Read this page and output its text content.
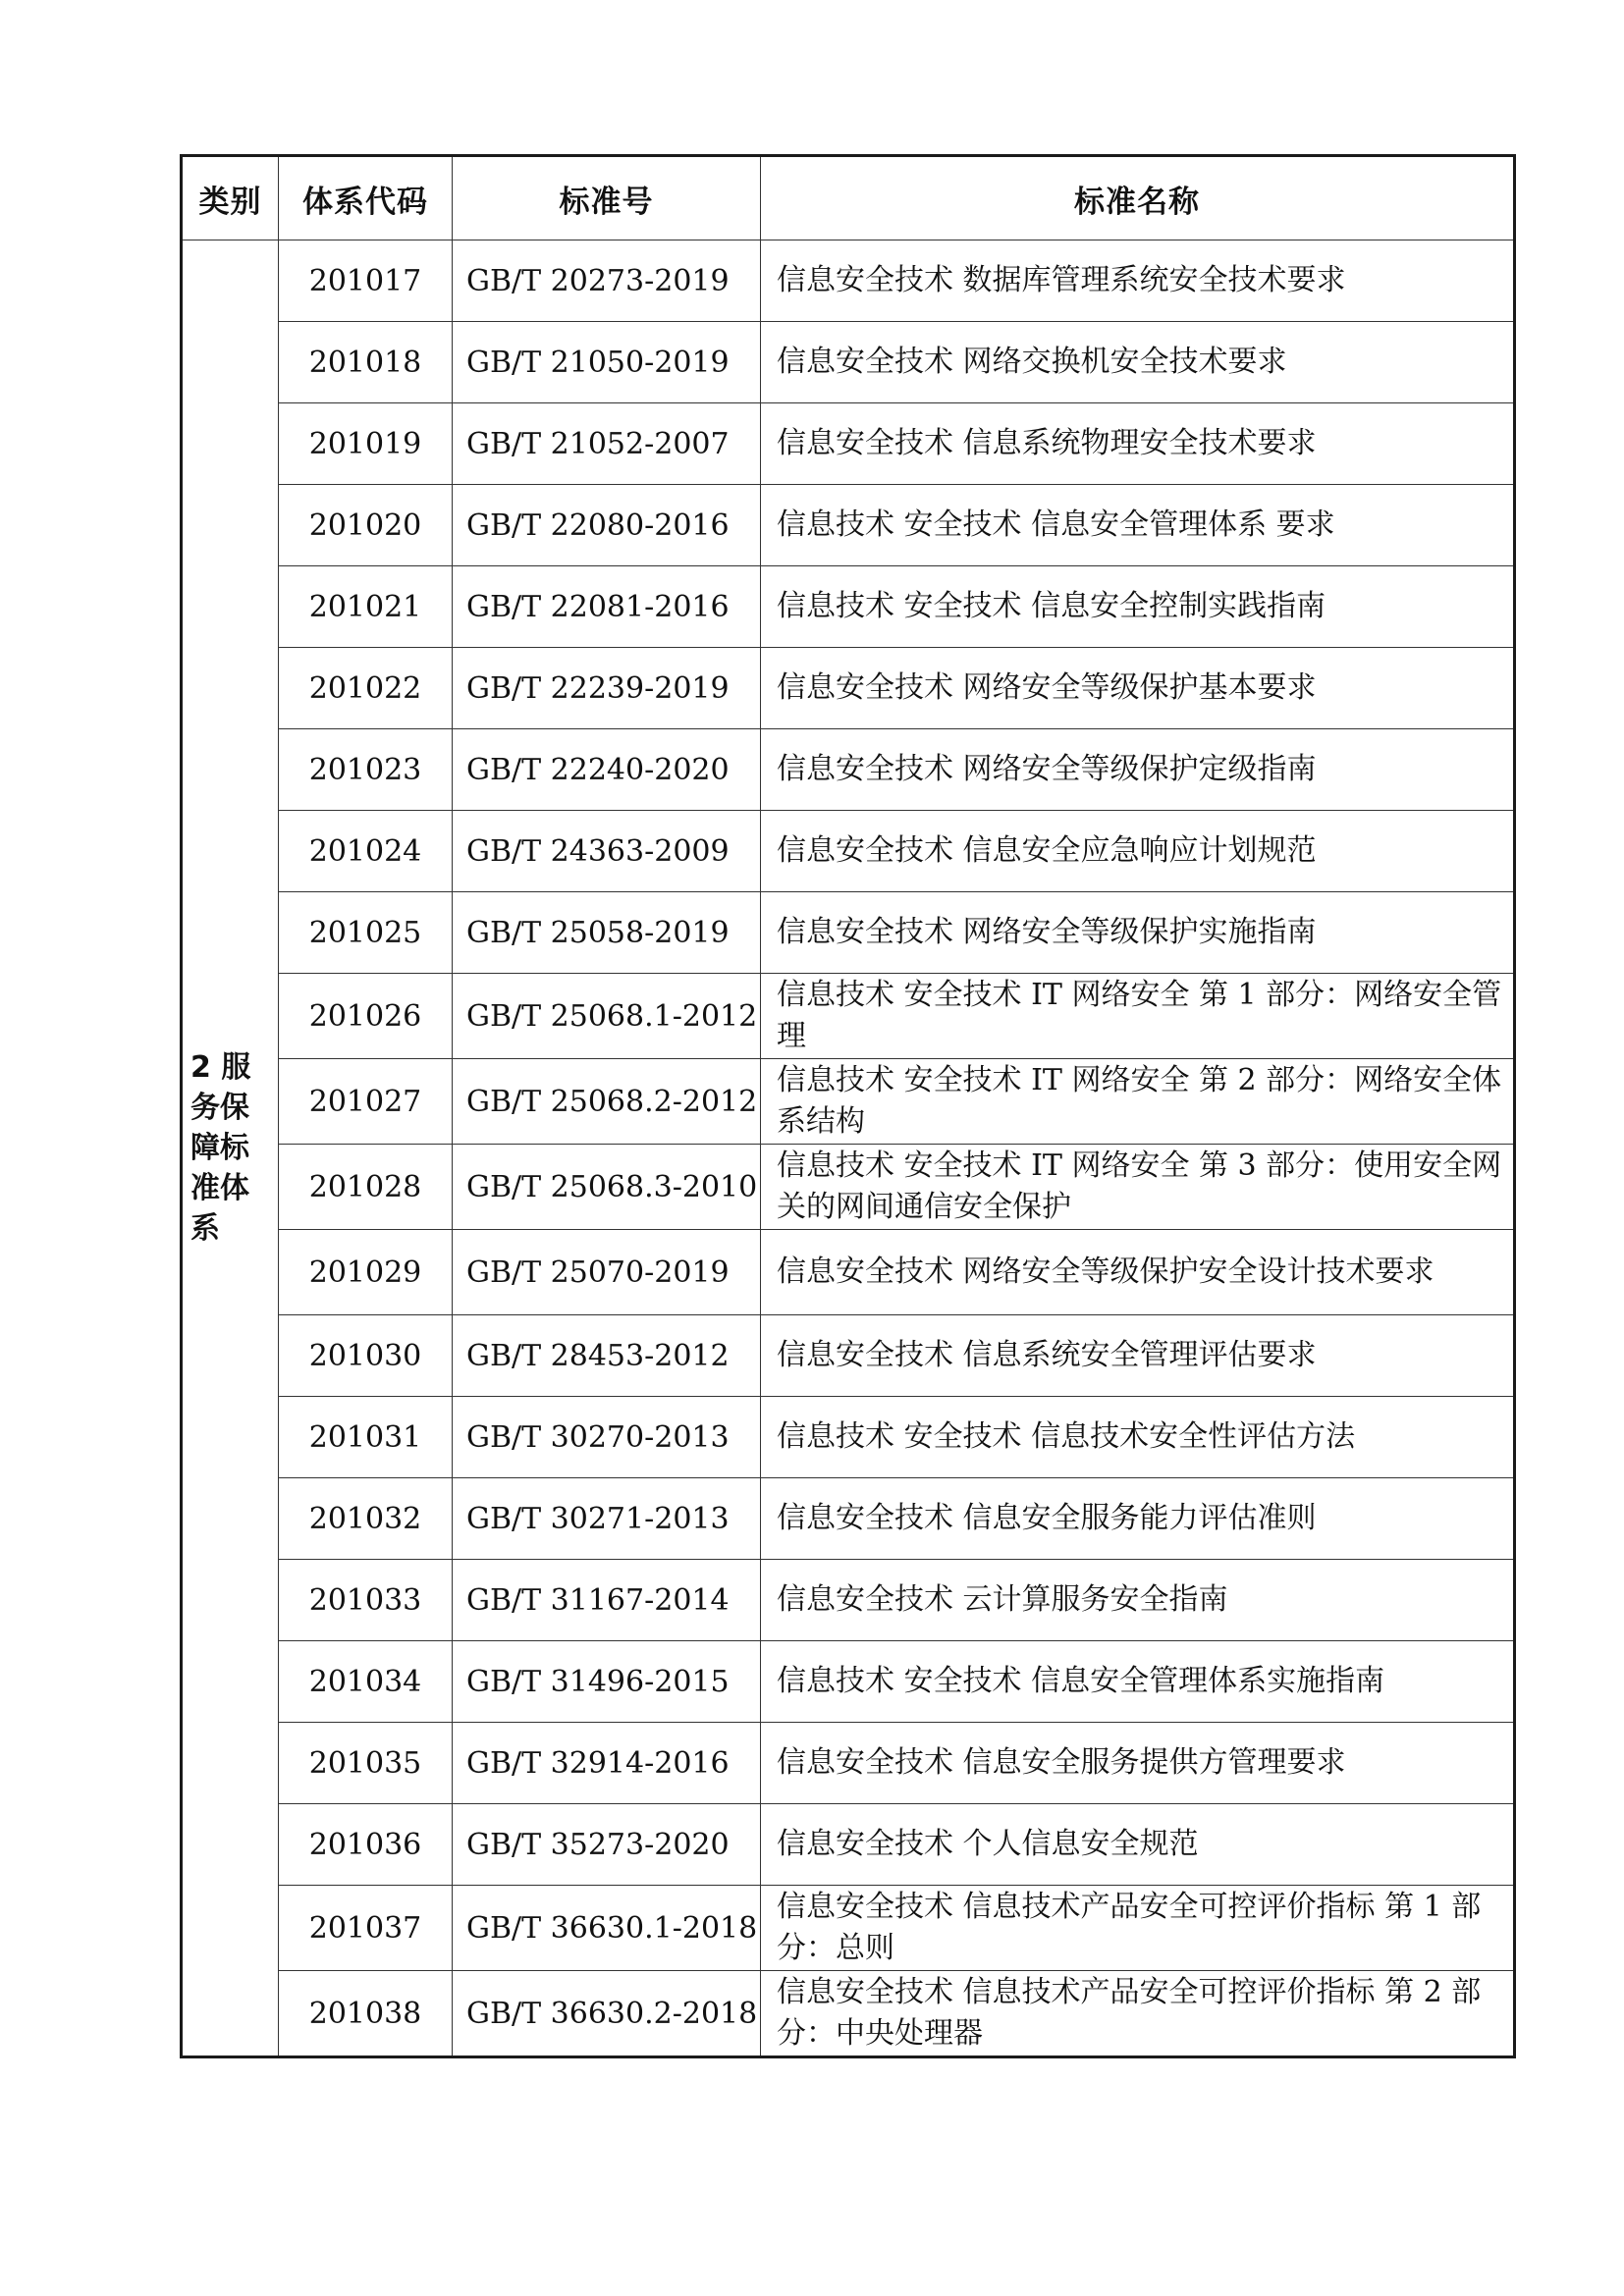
类别	体系代码	标准号	标准名称
2 服务保障标准体系	201017	GB/T 20273-2019	信息安全技术 数据库管理系统安全技术要求
	201018	GB/T 21050-2019	信息安全技术 网络交换机安全技术要求
	201019	GB/T 21052-2007	信息安全技术 信息系统物理安全技术要求
	201020	GB/T 22080-2016	信息技术 安全技术 信息安全管理体系 要求
	201021	GB/T 22081-2016	信息技术 安全技术 信息安全控制实践指南
	201022	GB/T 22239-2019	信息安全技术 网络安全等级保护基本要求
	201023	GB/T 22240-2020	信息安全技术 网络安全等级保护定级指南
	201024	GB/T 24363-2009	信息安全技术 信息安全应急响应计划规范
	201025	GB/T 25058-2019	信息安全技术 网络安全等级保护实施指南
	201026	GB/T 25068.1-2012	信息技术 安全技术 IT 网络安全 第 1 部分：网络安全管理
	201027	GB/T 25068.2-2012	信息技术 安全技术 IT 网络安全 第 2 部分：网络安全体系结构
	201028	GB/T 25068.3-2010	信息技术 安全技术 IT 网络安全 第 3 部分：使用安全网关的网间通信安全保护
	201029	GB/T 25070-2019	信息安全技术 网络安全等级保护安全设计技术要求
	201030	GB/T 28453-2012	信息安全技术 信息系统安全管理评估要求
	201031	GB/T 30270-2013	信息技术 安全技术 信息技术安全性评估方法
	201032	GB/T 30271-2013	信息安全技术 信息安全服务能力评估准则
	201033	GB/T 31167-2014	信息安全技术 云计算服务安全指南
	201034	GB/T 31496-2015	信息技术 安全技术 信息安全管理体系实施指南
	201035	GB/T 32914-2016	信息安全技术 信息安全服务提供方管理要求
	201036	GB/T 35273-2020	信息安全技术 个人信息安全规范
	201037	GB/T 36630.1-2018	信息安全技术 信息技术产品安全可控评价指标 第 1 部分：总则
	201038	GB/T 36630.2-2018	信息安全技术 信息技术产品安全可控评价指标 第 2 部分：中央处理器
